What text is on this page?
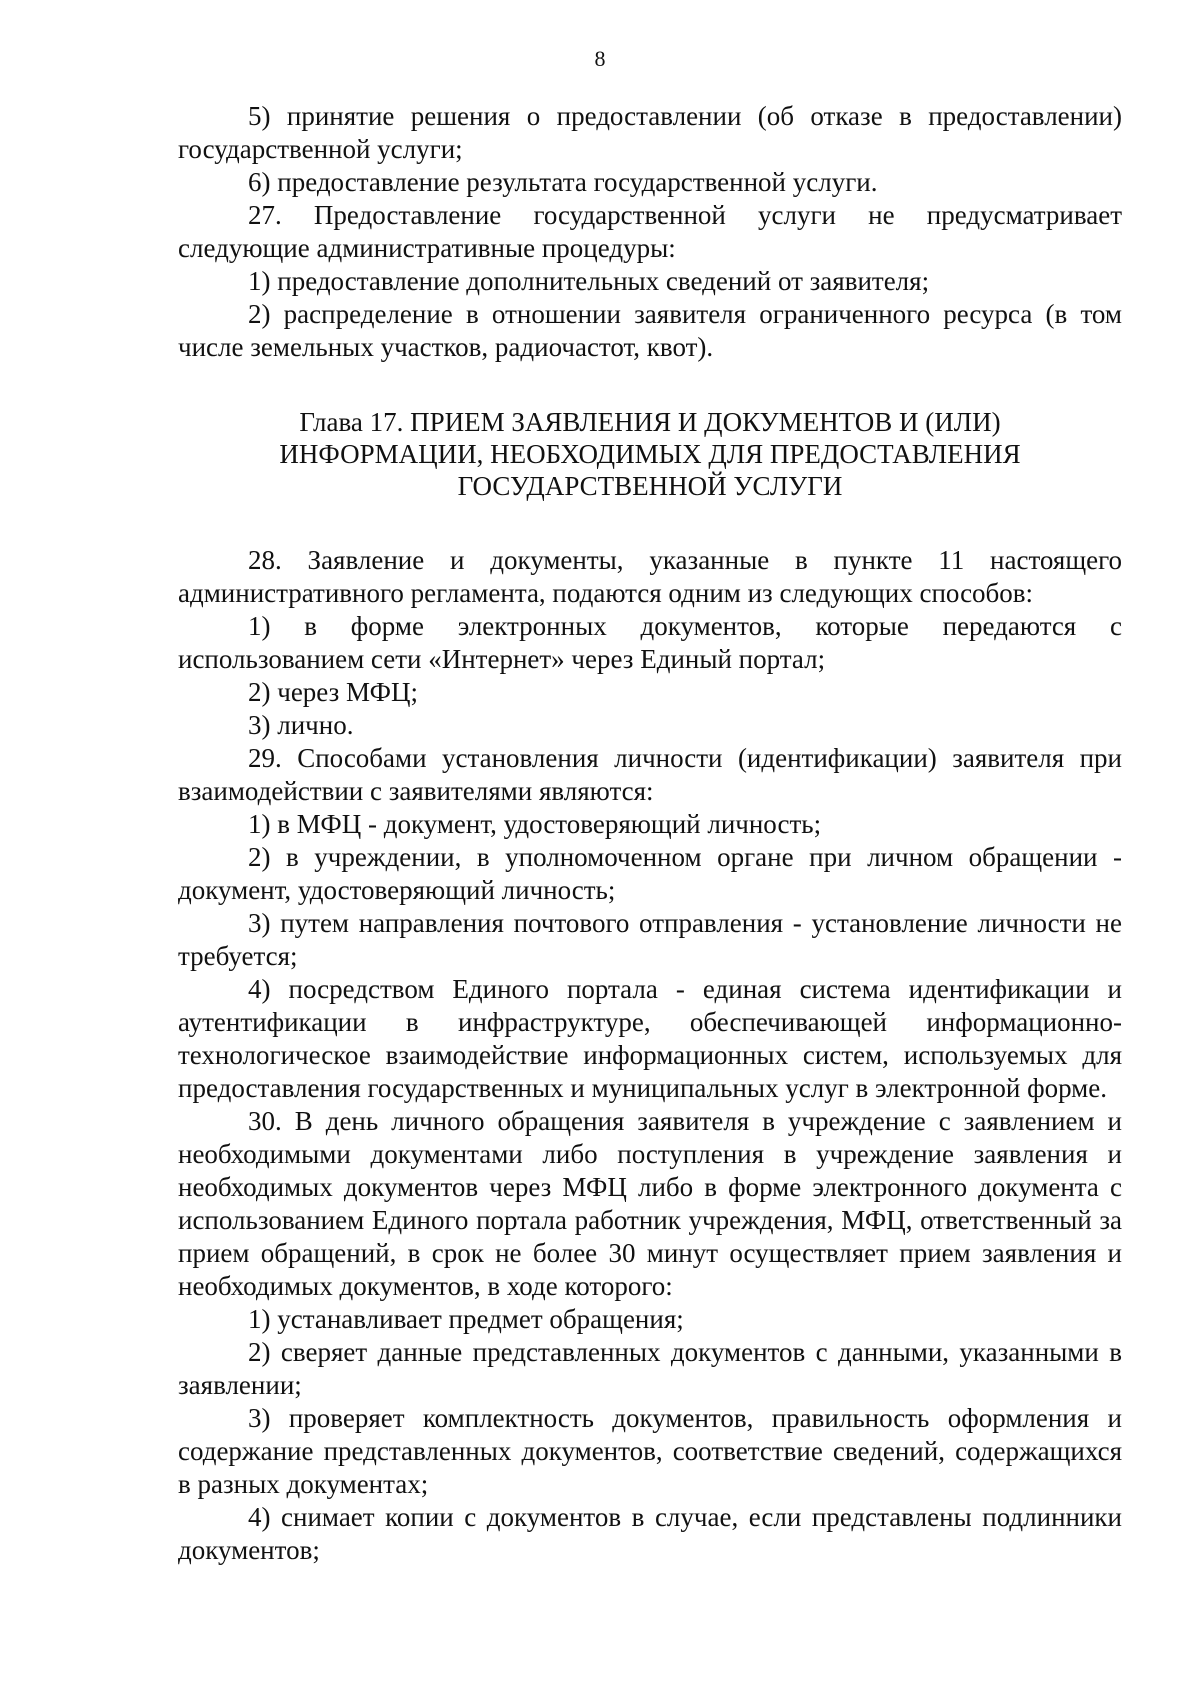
8

5) принятие решения о предоставлении (об отказе в предоставлении) государственной услуги;

6) предоставление результата государственной услуги.

27. Предоставление государственной услуги не предусматривает следующие административные процедуры:

1) предоставление дополнительных сведений от заявителя;

2) распределение в отношении заявителя ограниченного ресурса (в том числе земельных участков, радиочастот, квот).

Глава 17. ПРИЕМ ЗАЯВЛЕНИЯ И ДОКУМЕНТОВ И (ИЛИ)
ИНФОРМАЦИИ, НЕОБХОДИМЫХ ДЛЯ ПРЕДОСТАВЛЕНИЯ
ГОСУДАРСТВЕННОЙ УСЛУГИ

28. Заявление и документы, указанные в пункте 11 настоящего административного регламента, подаются одним из следующих способов:

1) в форме электронных документов, которые передаются с использованием сети «Интернет» через Единый портал;

2) через МФЦ;

3) лично.

29. Способами установления личности (идентификации) заявителя при взаимодействии с заявителями являются:

1) в МФЦ - документ, удостоверяющий личность;

2) в учреждении, в уполномоченном органе при личном обращении - документ, удостоверяющий личность;

3) путем направления почтового отправления - установление личности не требуется;

4) посредством Единого портала - единая система идентификации и аутентификации в инфраструктуре, обеспечивающей информационно-технологическое взаимодействие информационных систем, используемых для предоставления государственных и муниципальных услуг в электронной форме.

30. В день личного обращения заявителя в учреждение с заявлением и необходимыми документами либо поступления в учреждение заявления и необходимых документов через МФЦ либо в форме электронного документа с использованием Единого портала работник учреждения, МФЦ, ответственный за прием обращений, в срок не более 30 минут осуществляет прием заявления и необходимых документов, в ходе которого:

1) устанавливает предмет обращения;

2) сверяет данные представленных документов с данными, указанными в заявлении;

3) проверяет комплектность документов, правильность оформления и содержание представленных документов, соответствие сведений, содержащихся в разных документах;

4) снимает копии с документов в случае, если представлены подлинники документов;
